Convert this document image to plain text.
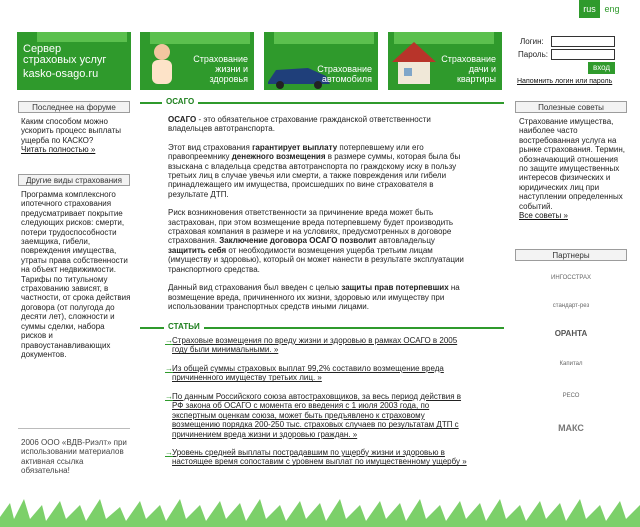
rus eng
Сервер
страховых услуг
kasko-osago.ru
Страхование
жизни и
здоровья
Страхование
автомобиля
Страхование
дачи и
квартиры
Логин:
Пароль:
вход
Напомнить логин или пароль
Последнее на форуме
Каким способом можно ускорить процесс выплаты ущерба по КАСКО?
Читать полностью »
Другие виды страхования
Программа комплексного ипотечного страхования предусматривает покрытие следующих рисков: смерти, потери трудоспособности заемщика, гибели, повреждения имущества, утраты права собственности на объект недвижимости. Тарифы по титульному страхованию зависят, в частности, от срока действия договора (от полугода до десяти лет), сложности и суммы сделки, набора рисков и правоустанавливающих документов.
2006 ООО «ВДВ-Риэлт» при использовании материалов активная ссылка обязательна!
ОСАГО

ОСАГО - это обязательное страхование гражданской ответственности владельцев автотранспорта.

Этот вид страхования гарантирует выплату потерпевшему или его правопреемнику денежного возмещения в размере суммы, которая была бы взыскана с владельца средства автотранспорта по граждскому иску в пользу третьих лиц в случае увечья или смерти, а также повреждения или гибели принадлежащего им имущества, происшедших по вине страхователя в результате ДТП.

Риск возникновения ответственности за причинение вреда может быть застрахован, при этом возмещение вреда потерпевшему будет производить страховая компания в размере и на условиях, предусмотренных в договоре страхования. Заключение договора ОСАГО позволит автовладельцу защитить себя от необходимости возмещения ущерба третьим лицам (имуществу и здоровью), который он может нанести в результате эксплуатации транспортного средства.

Данный вид страхования был введен с целью защиты прав потерпевших на возмещение вреда, причиненного их жизни, здоровью или имуществу при использовании транспортных средств иными лицами.

СТАТЬИ
→ Страховые возмещения по вреду жизни и здоровью в рамках ОСАГО в 2005 году были минимальными. »
→ Из общей суммы страховых выплат 99,2% составило возмещение вреда причиненного имуществу третьих лиц. »
→ По данным Российского союза автостраховщиков, за весь период действия в РФ закона об ОСАГО с момента его введения с 1 июля 2003 года, по экспертным оценкам союза, может быть предъявлено к страховому возмещению порядка 200-250 тыс. страховых случаев по результатам ДТП с причинением вреда жизни и здоровью граждан. »
→ Уровень средней выплаты пострадавшим по ущербу жизни и здоровью в настоящее время сопоставим с уровнем выплат по имущественному ущербу »
Полезные советы
Страхование имущества, наиболее часто востребованная услуга на рынке страхования. Термин, обозначающий отношения по защите имущественных интересов физических и юридических лиц при наступлении определенных событий.
Все советы »
Партнеры
ИНГОССТРАХ
стандарт-рез
ОРАНТА
Капитал
РЕСО
МАКС
